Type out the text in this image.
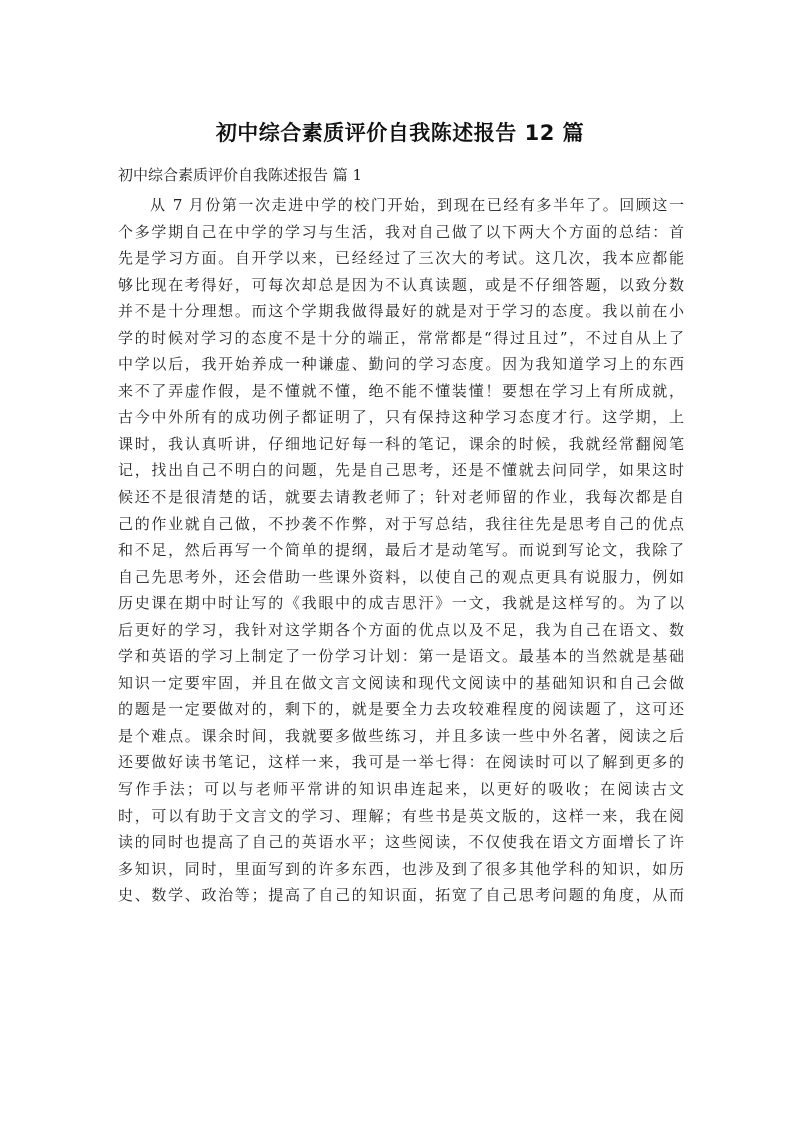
初中综合素质评价自我陈述报告 12 篇
初中综合素质评价自我陈述报告 篇 1
从 7 月份第一次走进中学的校门开始，到现在已经有多半年了。回顾这一
个多学期自己在中学的学习与生活，我对自己做了以下两大个方面的总结：首
先是学习方面。自开学以来，已经经过了三次大的考试。这几次，我本应都能
够比现在考得好，可每次却总是因为不认真读题，或是不仔细答题，以致分数
并不是十分理想。而这个学期我做得最好的就是对于学习的态度。我以前在小
学的时候对学习的态度不是十分的端正，常常都是“得过且过”，不过自从上了
中学以后，我开始养成一种谦虚、勤问的学习态度。因为我知道学习上的东西
来不了弄虚作假，是不懂就不懂，绝不能不懂装懂！要想在学习上有所成就，
古今中外所有的成功例子都证明了，只有保持这种学习态度才行。这学期，上
课时，我认真听讲，仔细地记好每一科的笔记，课余的时候，我就经常翻阅笔
记，找出自己不明白的问题，先是自己思考，还是不懂就去问同学，如果这时
候还不是很清楚的话，就要去请教老师了；针对老师留的作业，我每次都是自
己的作业就自己做，不抄袭不作弊，对于写总结，我往往先是思考自己的优点
和不足，然后再写一个简单的提纲，最后才是动笔写。而说到写论文，我除了
自己先思考外，还会借助一些课外资料，以使自己的观点更具有说服力，例如
历史课在期中时让写的《我眼中的成吉思汗》一文，我就是这样写的。为了以
后更好的学习，我针对这学期各个方面的优点以及不足，我为自己在语文、数
学和英语的学习上制定了一份学习计划：第一是语文。最基本的当然就是基础
知识一定要牢固，并且在做文言文阅读和现代文阅读中的基础知识和自己会做
的题是一定要做对的，剩下的，就是要全力去攻较难程度的阅读题了，这可还
是个难点。课余时间，我就要多做些练习，并且多读一些中外名著，阅读之后
还要做好读书笔记，这样一来，我可是一举七得：在阅读时可以了解到更多的
写作手法；可以与老师平常讲的知识串连起来，以更好的吸收；在阅读古文
时，可以有助于文言文的学习、理解；有些书是英文版的，这样一来，我在阅
读的同时也提高了自己的英语水平；这些阅读，不仅使我在语文方面增长了许
多知识，同时，里面写到的许多东西，也涉及到了很多其他学科的知识，如历
史、数学、政治等；提高了自己的知识面，拓宽了自己思考问题的角度，从而
